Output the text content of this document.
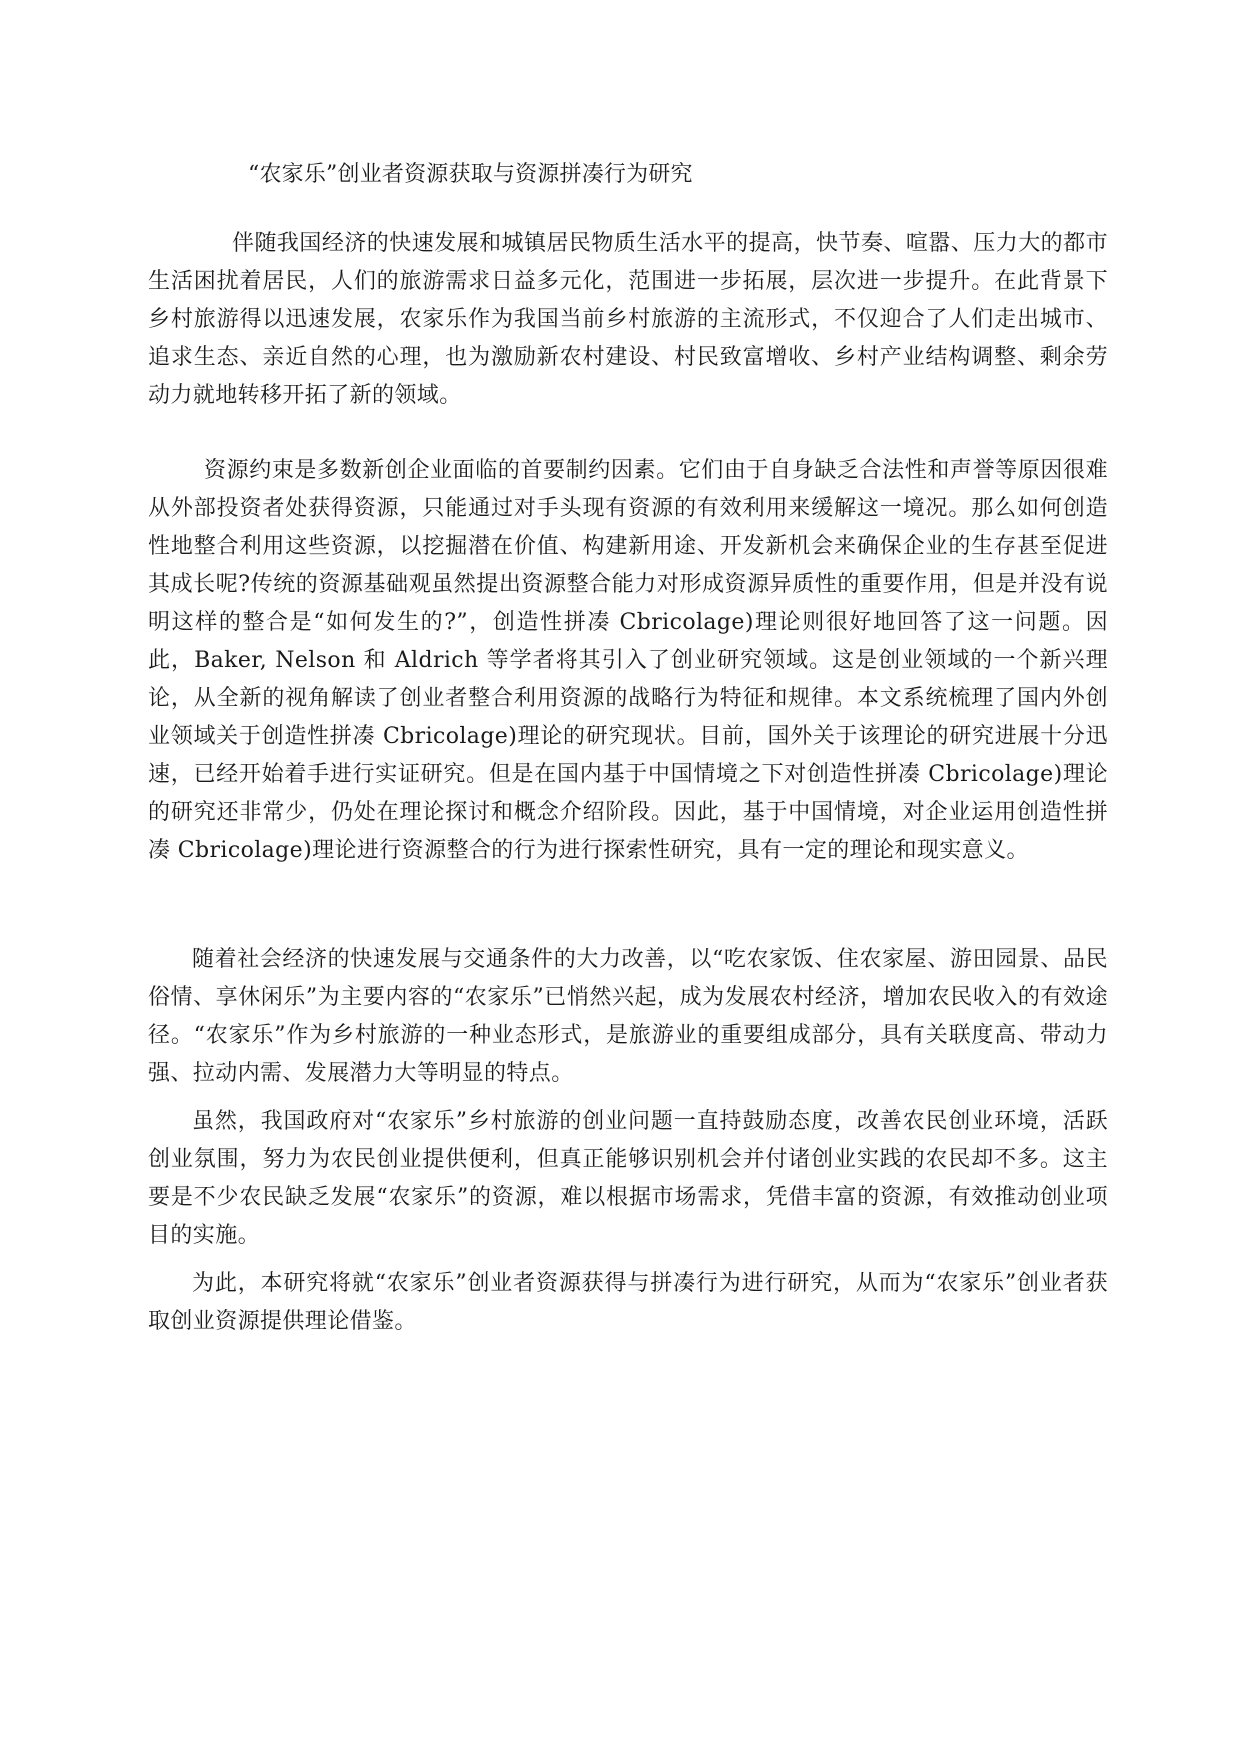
“农家乐”创业者资源获取与资源拼凑行为研究

伴随我国经济的快速发展和城镇居民物质生活水平的提高，快节奏、喧嚣、压力大的都市生活困扰着居民，人们的旅游需求日益多元化，范围进一步拓展，层次进一步提升。在此背景下乡村旅游得以迅速发展，农家乐作为我国当前乡村旅游的主流形式，不仅迎合了人们走出城市、追求生态、亲近自然的心理，也为激励新农村建设、村民致富增收、乡村产业结构调整、剩余劳动力就地转移开拓了新的领域。

资源约束是多数新创企业面临的首要制约因素。它们由于自身缺乏合法性和声誉等原因很难从外部投资者处获得资源，只能通过对手头现有资源的有效利用来缓解这一境况。那么如何创造性地整合利用这些资源，以挖掘潜在价值、构建新用途、开发新机会来确保企业的生存甚至促进其成长呢?传统的资源基础观虽然提出资源整合能力对形成资源异质性的重要作用，但是并没有说明这样的整合是“如何发生的?”，创造性拼凑 Cbricolage)理论则很好地回答了这一问题。因此，Baker, Nelson 和 Aldrich 等学者将其引入了创业研究领域。这是创业领域的一个新兴理论，从全新的视角解读了创业者整合利用资源的战略行为特征和规律。本文系统梳理了国内外创业领域关于创造性拼凑 Cbricolage)理论的研究现状。目前，国外关于该理论的研究进展十分迅速，已经开始着手进行实证研究。但是在国内基于中国情境之下对创造性拼凑 Cbricolage)理论的研究还非常少，仍处在理论探讨和概念介绍阶段。因此，基于中国情境，对企业运用创造性拼凑 Cbricolage)理论进行资源整合的行为进行探索性研究，具有一定的理论和现实意义。

随着社会经济的快速发展与交通条件的大力改善，以“吃农家饭、住农家屋、游田园景、品民俗情、享休闲乐”为主要内容的“农家乐”已悄然兴起，成为发展农村经济，增加农民收入的有效途径。“农家乐”作为乡村旅游的一种业态形式，是旅游业的重要组成部分，具有关联度高、带动力强、拉动内需、发展潜力大等明显的特点。

虽然，我国政府对“农家乐”乡村旅游的创业问题一直持鼓励态度，改善农民创业环境，活跃创业氛围，努力为农民创业提供便利，但真正能够识别机会并付诸创业实践的农民却不多。这主要是不少农民缺乏发展“农家乐”的资源，难以根据市场需求，凭借丰富的资源，有效推动创业项目的实施。

为此，本研究将就“农家乐”创业者资源获得与拼凑行为进行研究，从而为“农家乐”创业者获取创业资源提供理论借鉴。
